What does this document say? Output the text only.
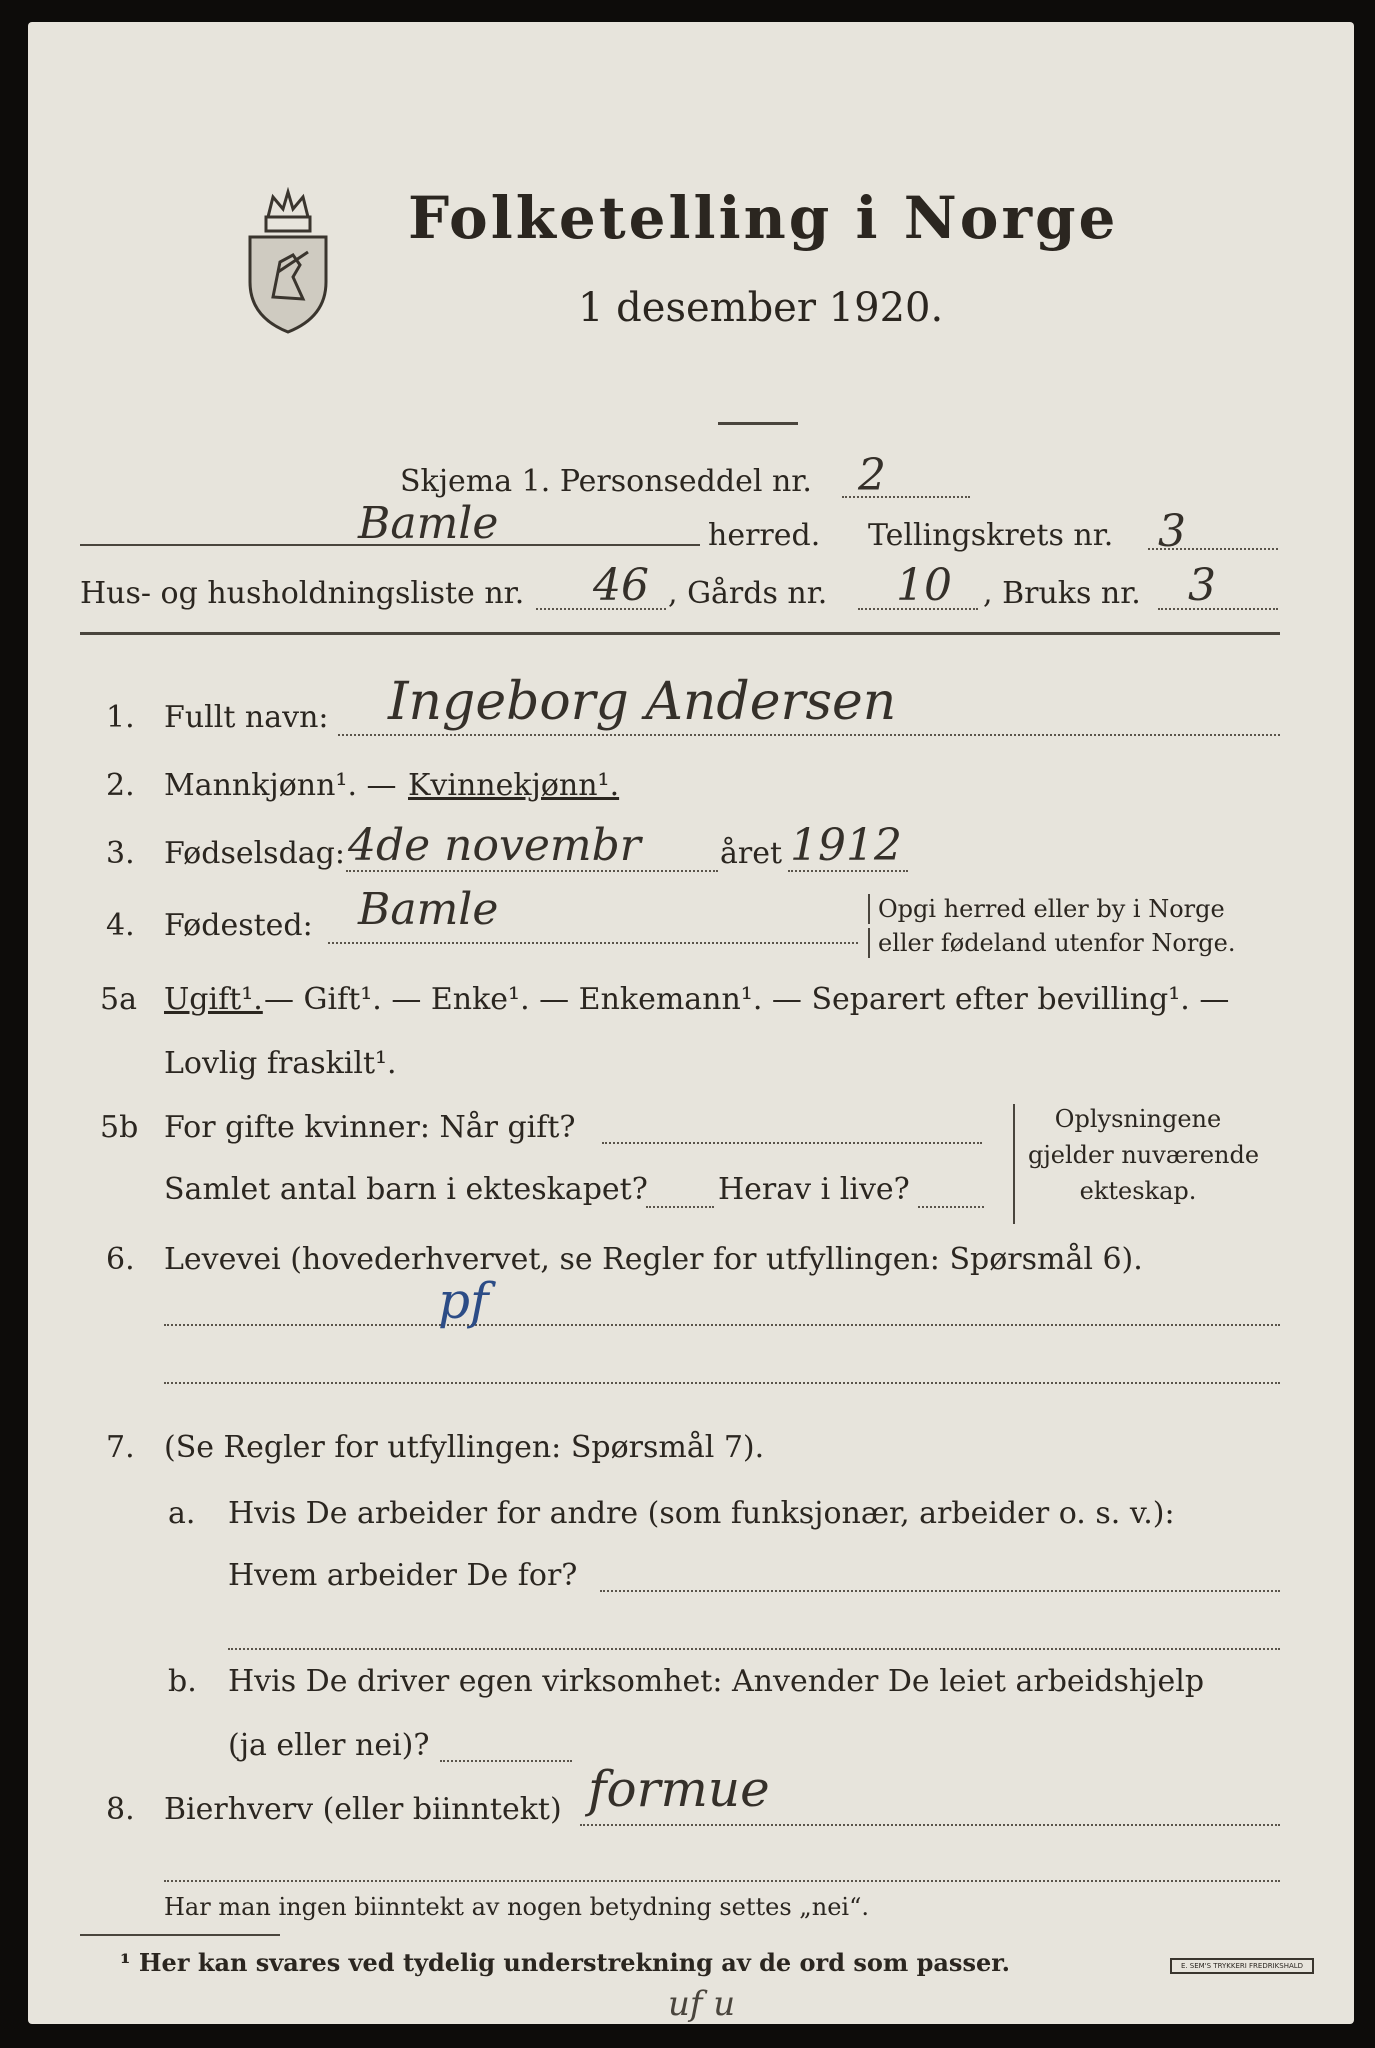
Folketelling i Norge
1 desember 1920.
Skjema 1. Personseddel nr. 2
Bamle	herred. Tellingskrets nr. 3
Hus- og husholdningsliste nr. 46 , Gårds nr. 10 , Bruks nr. 3
1. Fullt navn: Ingeborg Andersen
2. Mannkjønn¹. — Kvinnekjønn¹.
3. Fødselsdag: 4de novembr	året 1912
4. Fødested: Bamle	Opgi herred eller by i Norge
eller fødeland utenfor Norge.
5a Ugift¹. — Gift¹. — Enke¹. — Enkemann¹. — Separert efter bevilling¹. —
Lovlig fraskilt¹.
5b For gifte kvinner: Når gift?
Samlet antal barn i ekteskapet? Herav i live?
Oplysningene
gjelder nuværende
ekteskap.
6. Levevei (hovederhvervet, se Regler for utfyllingen: Spørsmål 6).
pf
7. (Se Regler for utfyllingen: Spørsmål 7).
a. Hvis De arbeider for andre (som funksjonær, arbeider o. s. v.):
Hvem arbeider De for?
b. Hvis De driver egen virksomhet: Anvender De leiet arbeidshjelp
(ja eller nei)?
8. Bierhverv (eller biinntekt) formue
Har man ingen biinntekt av nogen betydning settes „nei“.
¹ Her kan svares ved tydelig understrekning av de ord som passer.	E. SEM'S TRYKKERI FREDRIKSHALD
uf u
